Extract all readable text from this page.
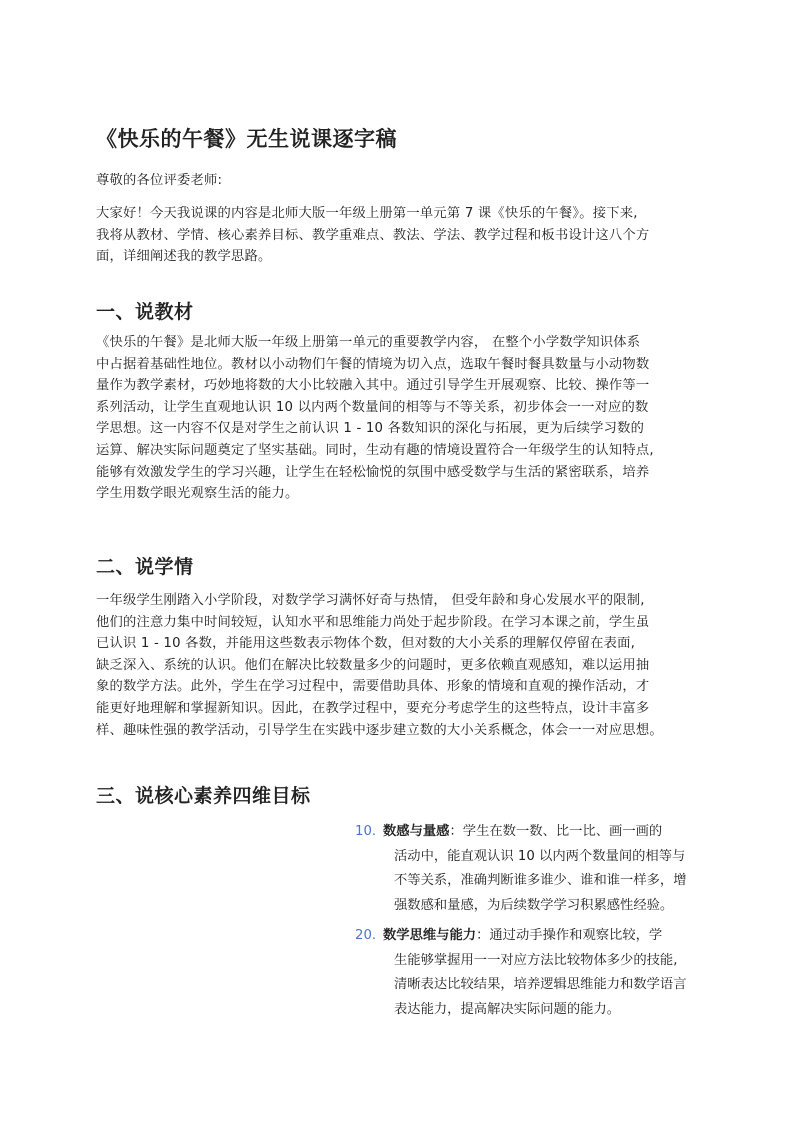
《快乐的午餐》无生说课逐字稿
尊敬的各位评委老师:
大家好！今天我说课的内容是北师大版一年级上册第一单元第 7 课《快乐的午餐》。接下来,
我将从教材、学情、核心素养目标、教学重难点、教法、学法、教学过程和板书设计这八个方
面，详细阐述我的教学思路。
一、说教材
《快乐的午餐》是北师大版一年级上册第一单元的重要教学内容， 在整个小学数学知识体系
中占据着基础性地位。教材以小动物们午餐的情境为切入点，选取午餐时餐具数量与小动物数
量作为教学素材，巧妙地将数的大小比较融入其中。通过引导学生开展观察、比较、操作等一
系列活动，让学生直观地认识 10 以内两个数量间的相等与不等关系，初步体会一一对应的数
学思想。这一内容不仅是对学生之前认识 1 - 10 各数知识的深化与拓展，更为后续学习数的
运算、解决实际问题奠定了坚实基础。同时，生动有趣的情境设置符合一年级学生的认知特点,
能够有效激发学生的学习兴趣，让学生在轻松愉悦的氛围中感受数学与生活的紧密联系，培养
学生用数学眼光观察生活的能力。
二、说学情
一年级学生刚踏入小学阶段，对数学学习满怀好奇与热情， 但受年龄和身心发展水平的限制,
他们的注意力集中时间较短，认知水平和思维能力尚处于起步阶段。在学习本课之前，学生虽
已认识 1 - 10 各数，并能用这些数表示物体个数，但对数的大小关系的理解仅停留在表面,
缺乏深入、系统的认识。他们在解决比较数量多少的问题时，更多依赖直观感知，难以运用抽
象的数学方法。此外，学生在学习过程中，需要借助具体、形象的情境和直观的操作活动，才
能更好地理解和掌握新知识。因此，在教学过程中，要充分考虑学生的这些特点，设计丰富多
样、趣味性强的教学活动，引导学生在实践中逐步建立数的大小关系概念，体会一一对应思想。
三、说核心素养四维目标
10. 数感与量感：学生在数一数、比一比、画一画的
活动中，能直观认识 10 以内两个数量间的相等与
不等关系，准确判断谁多谁少、谁和谁一样多，增
强数感和量感，为后续数学学习积累感性经验。
20. 数学思维与能力：通过动手操作和观察比较，学
生能够掌握用一一对应方法比较物体多少的技能,
清晰表达比较结果，培养逻辑思维能力和数学语言
表达能力，提高解决实际问题的能力。
